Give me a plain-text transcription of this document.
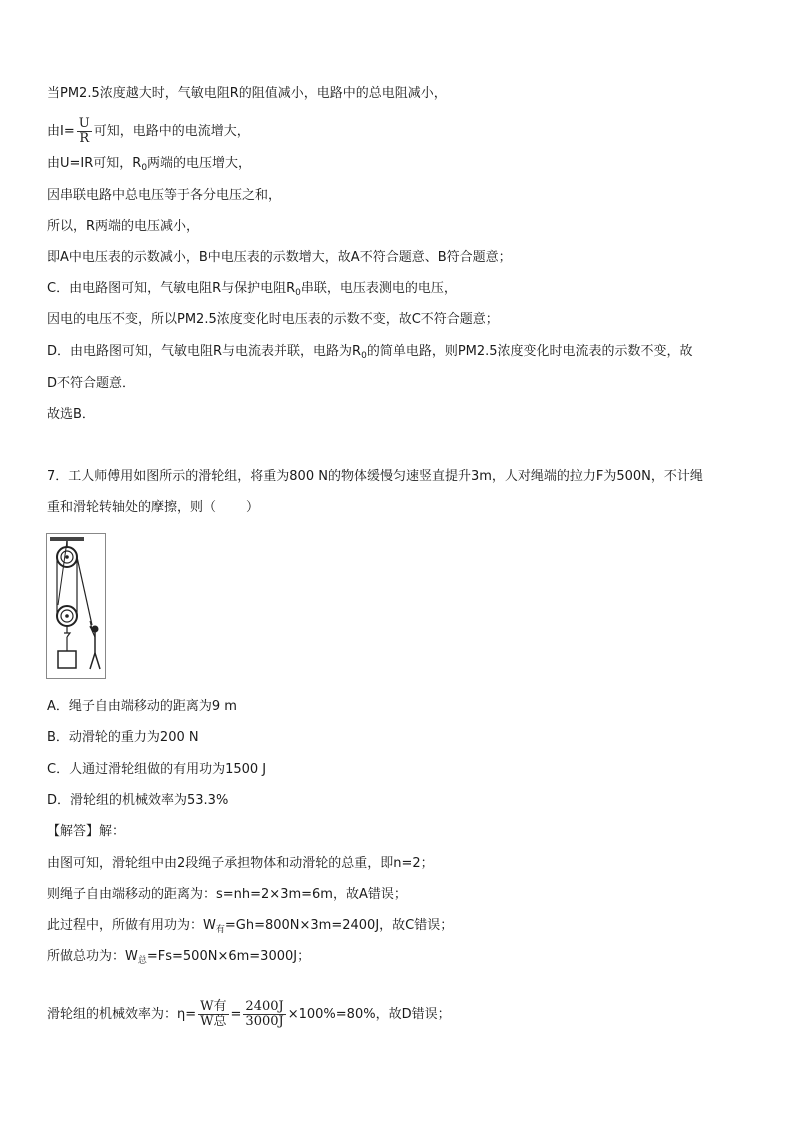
当PM2.5浓度越大时，气敏电阻R的阻值减小，电路中的总电阻减小，
由$I= \frac{U}{R}$ 可知，电路中的电流增大，
由U=IR可知，$R_0$两端的电压增大，
因串联电路中总电压等于各分电压之和，
所以，R两端的电压减小，
即A中电压表的示数减小，B中电压表的示数增大，故A不符合题意、B符合题意；
C．由电路图可知，气敏电阻R与保护电阻$R_0$串联，电压表测电的电压，
因电的电压不变，所以PM2.5浓度变化时电压表的示数不变，故C不符合题意；
D．由电路图可知，气敏电阻R与电流表并联，电路为$R_0$的简单电路，则PM2.5浓度变化时电流表的示数不变，故
D不符合题意．
故选B．
7．工人师傅用如图所示的滑轮组，将重为800 N的物体缓慢匀速竖直提升3m，人对绳端的拉力F为500N，不计绳
重和滑轮转轴处的摩擦，则（ ）
A．绳子自由端移动的距离为9 m
B．动滑轮的重力为200 N
C．人通过滑轮组做的有用功为1500 J
D．滑轮组的机械效率为53.3%
【解答】解：
由图可知，滑轮组中由2段绳子承担物体和动滑轮的总重，即n=2；
则绳子自由端移动的距离为：s=nh=2×3m=6m，故A错误；
此过程中，所做有用功为：$W_有=Gh=800N\times 3m=2400J$，故C错误；
所做总功为：$W_总=Fs=500N\times 6m=3000J$；
滑轮组的机械效率为：$\eta= \frac{\text{W有}}{\text{W总}} = \frac{2400J}{3000J} \times 100\%=80\%$，故D错误；
